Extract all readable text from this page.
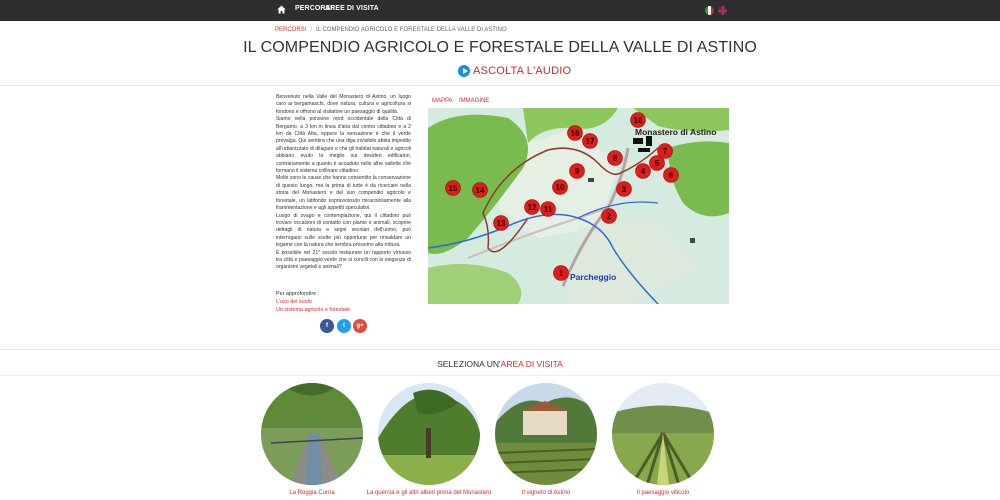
PERCORSI
AREE DI VISITA
PERCORSI / IL COMPENDIO AGRICOLO E FORESTALE DELLA VALLE DI ASTINO
IL COMPENDIO AGRICOLO E FORESTALE DELLA VALLE DI ASTINO
ASCOLTA L'AUDIO

Benvenuto nella Valle del Monastero di Astino, un luogo caro ai bergamaschi, dove natura, cultura e agricoltura si fondono e offrono al visitatore un paesaggio di qualità.

Siamo nella porzione nord occidentale della Città di Bergamo, a 3 km in linea d'aria dal centro cittadino e a 2 km da Città Alta, eppure la sensazione è che il verde prevalga. Qui sembra che una diga invisibile abbia impedito all'urbanizzato di dilagare e che gli habitat naturali e agricoli abbiano evuto la meglio sui desideri edificatori, contrariamente a quanto è accaduto nelle altre vallette che formano il sistema collinare cittadino.

Molte sono le cause che hanno consentito la conservazione di questo luogo, ma la prima di tutte è da ricercare nella storia del Monastero e del suo compendio agricolo e forestale, un latifondo sopravvissuto miracolosamente alla frammentazione e agli appetiti speculativi.

Luogo di svago e contemplazione, qui il cittadino può trovare occasioni di contatto con piante e animali, scoprire dettagli di natura e segni secolari dell'uomo, può interrogarsi sulle scelte più opportune per rinsaldare un legame con la natura che sembra prossimo alla rottura.

È possibile nel 21° secolo instaurare un rapporto virtuoso tra città e paesaggio verde che si concili con le esigenze di organismi vegetali e animali?

Per approfondire :
L'uso del suolo
Un sistema agricolo e forestale
f	t	g+
MAPPA IMMAGINE
Monastero di Astino
Parcheggio
1
2
3
4
5
6
7
8
9
10
11
12
13
14
15
16
17
18
SELEZIONA UN'AREA DI VISITA
La Roggia Curna	La quercia e gli altri alberi prima del Monastero	Il vigneto di Astino	Il paesaggio viticolo
